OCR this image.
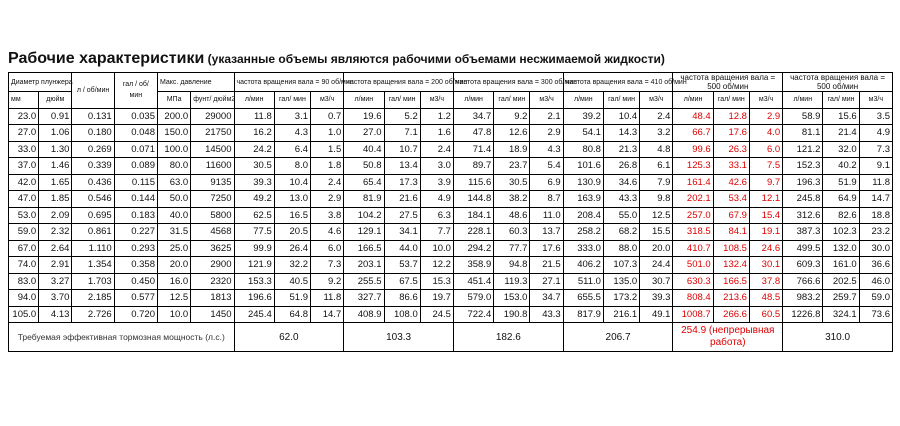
Рабочие характеристики (указанные объемы являются рабочими объемами несжимаемой жидкости)
Диаметр плунжера		л / об/мин	гал / об/мин	Макс. давление		частота вращения вала = 90 об/мин			частота вращения вала = 200 об/мин			частота вращения вала = 300 об/мин			частота вращения вала = 410 об/мин			частота вращения вала = 500 об/мин			частота вращения вала = 500 об/мин		
мм	дюйм			МПа	фунт/ дюйм2	л/мин	гал/ мин	м3/ч	л/мин	гал/ мин	м3/ч	л/мин	гал/ мин	м3/ч	л/мин	гал/ мин	м3/ч	л/мин	гал/ мин	м3/ч	л/мин	гал/ мин	м3/ч
23.0	0.91	0.131	0.035	200.0	29000	11.8	3.1	0.7	19.6	5.2	1.2	34.7	9.2	2.1	39.2	10.4	2.4	48.4	12.8	2.9	58.9	15.6	3.5
27.0	1.06	0.180	0.048	150.0	21750	16.2	4.3	1.0	27.0	7.1	1.6	47.8	12.6	2.9	54.1	14.3	3.2	66.7	17.6	4.0	81.1	21.4	4.9
33.0	1.30	0.269	0.071	100.0	14500	24.2	6.4	1.5	40.4	10.7	2.4	71.4	18.9	4.3	80.8	21.3	4.8	99.6	26.3	6.0	121.2	32.0	7.3
37.0	1.46	0.339	0.089	80.0	11600	30.5	8.0	1.8	50.8	13.4	3.0	89.7	23.7	5.4	101.6	26.8	6.1	125.3	33.1	7.5	152.3	40.2	9.1
42.0	1.65	0.436	0.115	63.0	9135	39.3	10.4	2.4	65.4	17.3	3.9	115.6	30.5	6.9	130.9	34.6	7.9	161.4	42.6	9.7	196.3	51.9	11.8
47.0	1.85	0.546	0.144	50.0	7250	49.2	13.0	2.9	81.9	21.6	4.9	144.8	38.2	8.7	163.9	43.3	9.8	202.1	53.4	12.1	245.8	64.9	14.7
53.0	2.09	0.695	0.183	40.0	5800	62.5	16.5	3.8	104.2	27.5	6.3	184.1	48.6	11.0	208.4	55.0	12.5	257.0	67.9	15.4	312.6	82.6	18.8
59.0	2.32	0.861	0.227	31.5	4568	77.5	20.5	4.6	129.1	34.1	7.7	228.1	60.3	13.7	258.2	68.2	15.5	318.5	84.1	19.1	387.3	102.3	23.2
67.0	2.64	1.110	0.293	25.0	3625	99.9	26.4	6.0	166.5	44.0	10.0	294.2	77.7	17.6	333.0	88.0	20.0	410.7	108.5	24.6	499.5	132.0	30.0
74.0	2.91	1.354	0.358	20.0	2900	121.9	32.2	7.3	203.1	53.7	12.2	358.9	94.8	21.5	406.2	107.3	24.4	501.0	132.4	30.1	609.3	161.0	36.6
83.0	3.27	1.703	0.450	16.0	2320	153.3	40.5	9.2	255.5	67.5	15.3	451.4	119.3	27.1	511.0	135.0	30.7	630.3	166.5	37.8	766.6	202.5	46.0
94.0	3.70	2.185	0.577	12.5	1813	196.6	51.9	11.8	327.7	86.6	19.7	579.0	153.0	34.7	655.5	173.2	39.3	808.4	213.6	48.5	983.2	259.7	59.0
105.0	4.13	2.726	0.720	10.0	1450	245.4	64.8	14.7	408.9	108.0	24.5	722.4	190.8	43.3	817.9	216.1	49.1	1008.7	266.6	60.5	1226.8	324.1	73.6
Требуемая эффективная тормозная мощность (л.с.)						62.0			103.3			182.6			206.7			254.9 (непрерывная работа)			310.0		
